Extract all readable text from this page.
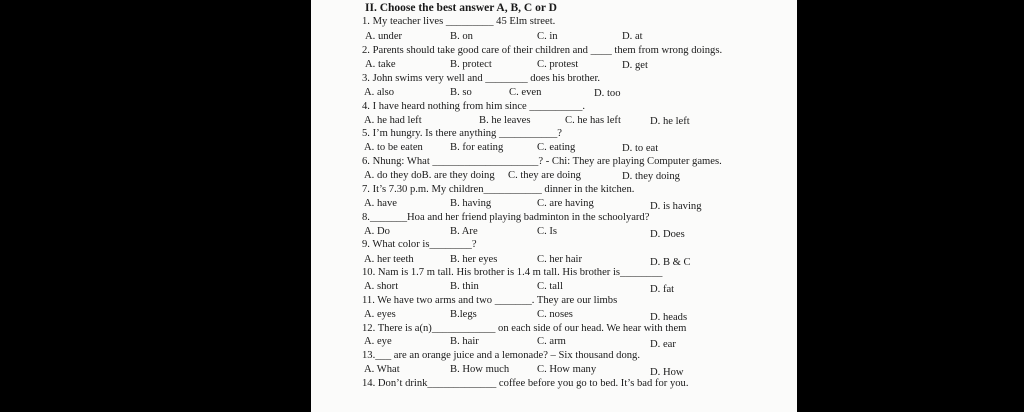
II. Choose the best answer A, B, C or D
1. My teacher lives _________ 45 Elm street.
A. under	B. on	C. in	D. at
2. Parents should take good care of their children and ____ them from wrong doings.
A. take	B. protect	C. protest	D. get
3. John swims very well and ________ does his brother.
A. also	B. so	C. even	D. too
4. I have heard nothing from him since __________.
A. he had left	B. he leaves	C. he has left	D. he left
5. I’m hungry. Is there anything ___________?
A. to be eaten	B. for eating	C. eating	D. to eat
6. Nhung: What ____________________? - Chi: They are playing Computer games.
A. do they doB. are they doing C. they are doing	D. they doing
7. It’s 7.30 p.m. My children___________ dinner in the kitchen.
A. have	B. having	C. are having	D. is having
8._______Hoa and her friend playing badminton in the schoolyard?
A. Do	B. Are	C. Is	D. Does
9. What color is________?
A. her teeth	B. her eyes	C. her hair	D. B & C
10. Nam is 1.7 m tall. His brother is 1.4 m tall. His brother is________
A. short	B. thin	C. tall	D. fat
11. We have two arms and two _______. They are our limbs
A. eyes	B.legs	C. noses	D. heads
12. There is a(n)____________ on each side of our head. We hear with them
A. eye	B. hair	C. arm	D. ear
13.___ are an orange juice and a lemonade? – Six thousand dong.
A. What	B. How much	C. How many	D. How
14. Don’t drink_____________ coffee before you go to bed. It’s bad for you.
